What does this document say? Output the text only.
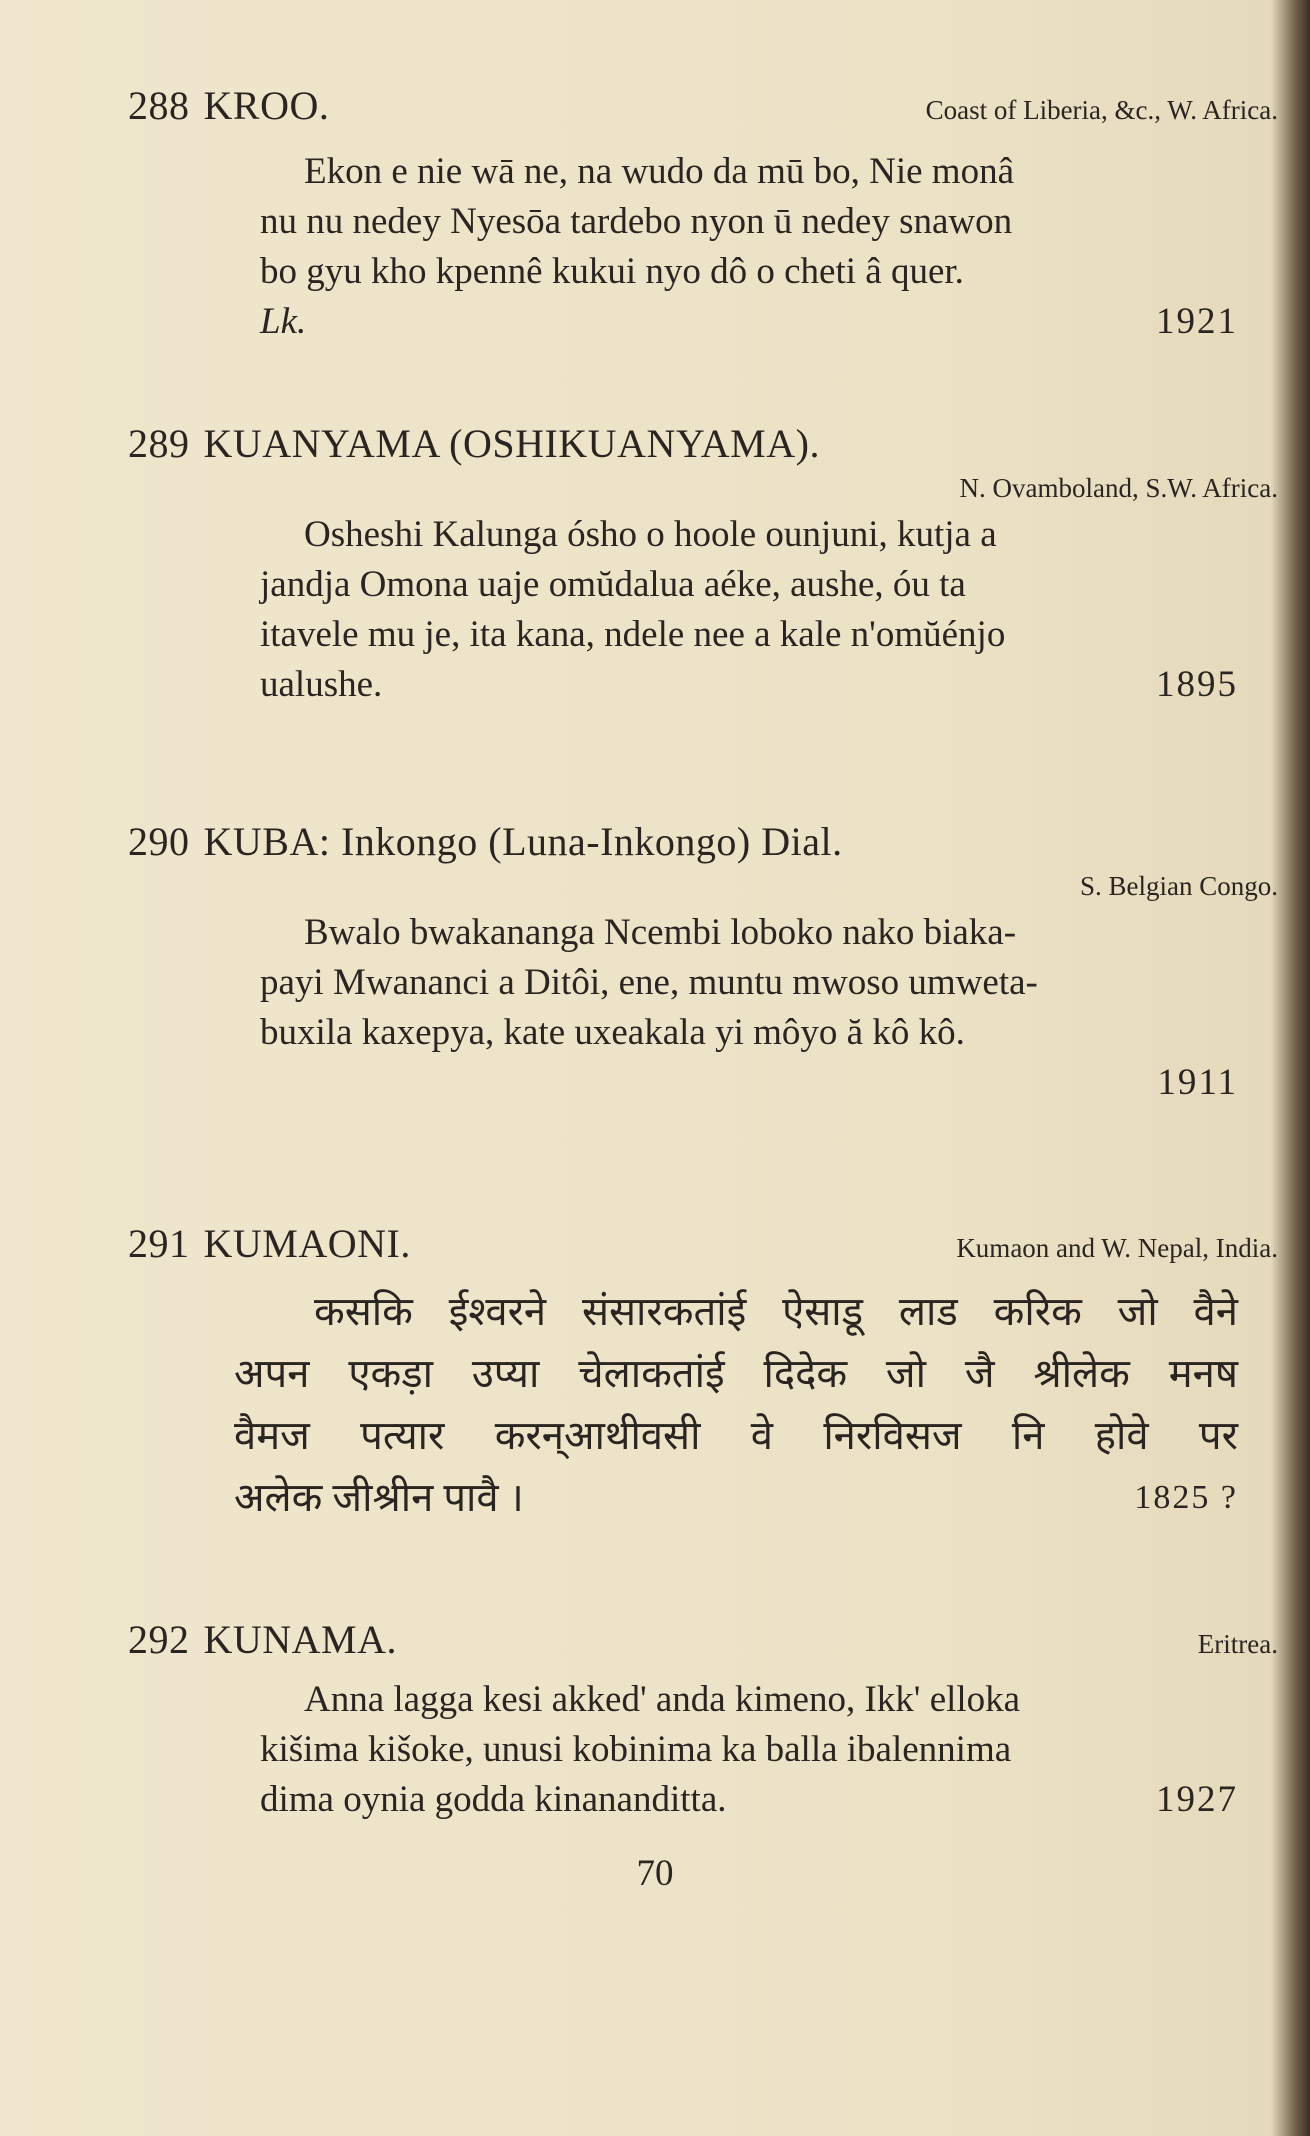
288 KROO.	Coast of Liberia, &c., W. Africa.

Ekon e nie wā ne, na wudo da mū bo, Nie monâ

nu nu nedey Nyesōa tardebo nyon ū nedey snawon

bo gyu kho kpennê kukui nyo dô o cheti â quer.

Lk.	1921
289 KUANYAMA (OSHIKUANYAMA).
N. Ovamboland, S.W. Africa.

Osheshi Kalunga ósho o hoole ounjuni, kutja a

jandja Omona uaje omŭdalua aéke, aushe, óu ta

itavele mu je, ita kana, ndele nee a kale n'omŭénjo

ualushe.	1895
290 KUBA: Inkongo (Luna-Inkongo) Dial.
S. Belgian Congo.

Bwalo bwakananga Ncembi loboko nako biaka-

payi Mwananci a Ditôi, ene, muntu mwoso umweta-

buxila kaxepya, kate uxeakala yi môyo ă kô kô.

1911
291 KUMAONI.	Kumaon and W. Nepal, India.
कसकि ईश्वरने संसारकतांई ऐसाडू लाड करिक जो वैने
अपन एकड़ा उप्या चेलाकतांई दिदेक जो जै श्रीलेक मनष
वैमज पत्यार करन्आथीवसी वे निरविसज नि होवे पर
अलेक जीश्रीन पावै ।	1825 ?
292 KUNAMA.	Eritrea.

Anna lagga kesi akked' anda kimeno, Ikk' elloka

kišima kišoke, unusi kobinima ka balla ibalennima

dima oynia godda kinananditta.	1927
70
